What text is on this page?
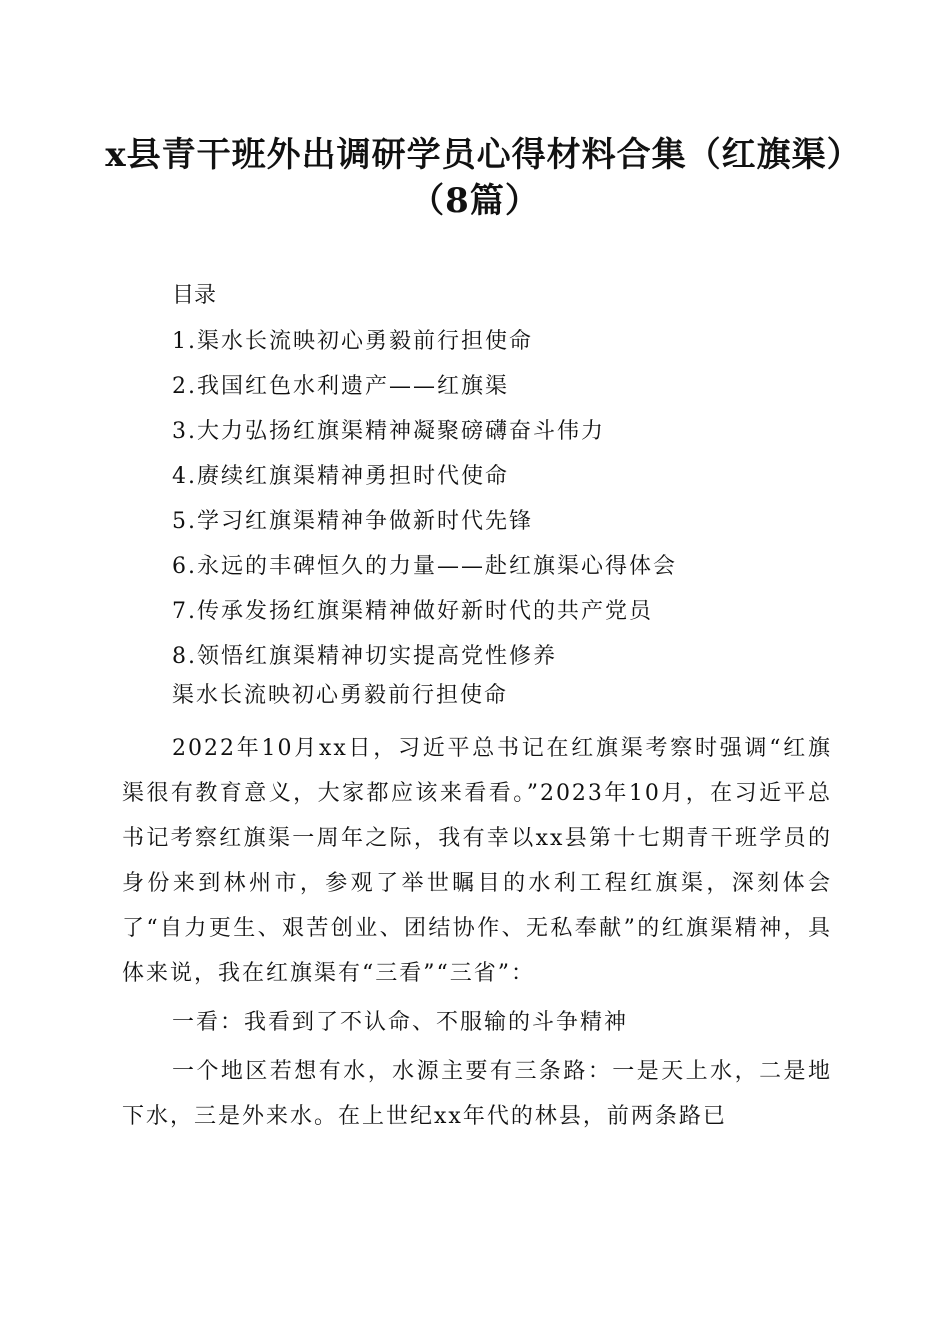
x县青干班外出调研学员心得材料合集（红旗渠）（8篇）
目录
1.渠水长流映初心勇毅前行担使命
2.我国红色水利遗产——红旗渠
3.大力弘扬红旗渠精神凝聚磅礴奋斗伟力
4.赓续红旗渠精神勇担时代使命
5.学习红旗渠精神争做新时代先锋
6.永远的丰碑恒久的力量——赴红旗渠心得体会
7.传承发扬红旗渠精神做好新时代的共产党员
8.领悟红旗渠精神切实提高党性修养
渠水长流映初心勇毅前行担使命

2022年10月xx日，习近平总书记在红旗渠考察时强调“红旗渠很有教育意义，大家都应该来看看。”2023年10月，在习近平总书记考察红旗渠一周年之际，我有幸以xx县第十七期青干班学员的身份来到林州市，参观了举世瞩目的水利工程红旗渠，深刻体会了“自力更生、艰苦创业、团结协作、无私奉献”的红旗渠精神，具体来说，我在红旗渠有“三看”“三省”：

一看：我看到了不认命、不服输的斗争精神

一个地区若想有水，水源主要有三条路：一是天上水，二是地下水，三是外来水。在上世纪xx年代的林县，前两条路已
